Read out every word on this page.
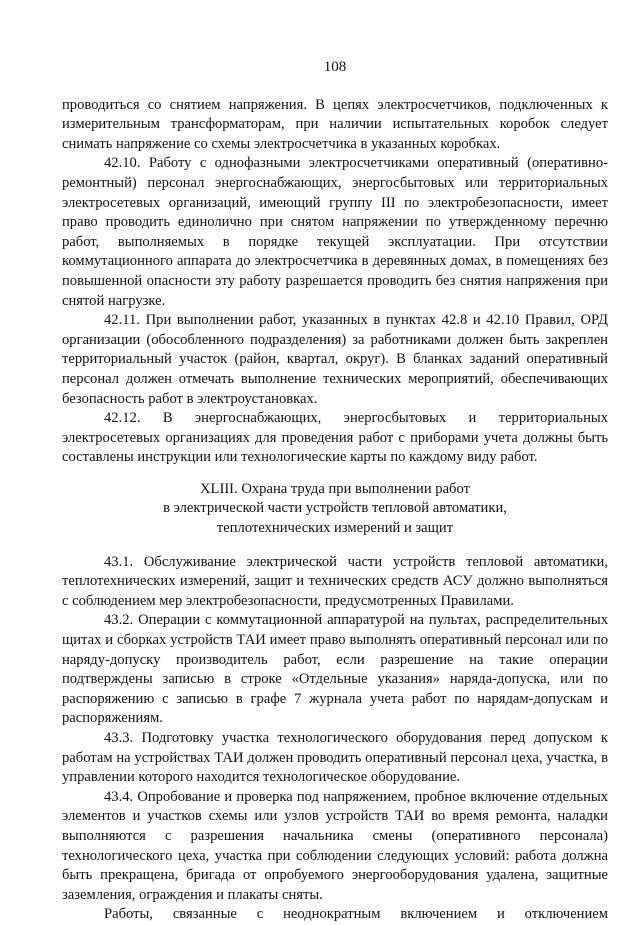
108

проводиться со снятием напряжения. В цепях электросчетчиков, подключенных к измерительным трансформаторам, при наличии испытательных коробок следует снимать напряжение со схемы электросчетчика в указанных коробках.

42.10. Работу с однофазными электросчетчиками оперативный (оперативно-ремонтный) персонал энергоснабжающих, энергосбытовых или территориальных электросетевых организаций, имеющий группу III по электробезопасности, имеет право проводить единолично при снятом напряжении по утвержденному перечню работ, выполняемых в порядке текущей эксплуатации. При отсутствии коммутационного аппарата до электросчетчика в деревянных домах, в помещениях без повышенной опасности эту работу разрешается проводить без снятия напряжения при снятой нагрузке.

42.11. При выполнении работ, указанных в пунктах 42.8 и 42.10 Правил, ОРД организации (обособленного подразделения) за работниками должен быть закреплен территориальный участок (район, квартал, округ). В бланках заданий оперативный персонал должен отмечать выполнение технических мероприятий, обеспечивающих безопасность работ в электроустановках.

42.12. В энергоснабжающих, энергосбытовых и территориальных электросетевых организациях для проведения работ с приборами учета должны быть составлены инструкции или технологические карты по каждому виду работ.

XLIII. Охрана труда при выполнении работ
в электрической части устройств тепловой автоматики,
теплотехнических измерений и защит

43.1. Обслуживание электрической части устройств тепловой автоматики, теплотехнических измерений, защит и технических средств АСУ должно выполняться с соблюдением мер электробезопасности, предусмотренных Правилами.

43.2. Операции с коммутационной аппаратурой на пультах, распределительных щитах и сборках устройств ТАИ имеет право выполнять оперативный персонал или по наряду-допуску производитель работ, если разрешение на такие операции подтверждены записью в строке «Отдельные указания» наряда-допуска, или по распоряжению с записью в графе 7 журнала учета работ по нарядам-допускам и распоряжениям.

43.3. Подготовку участка технологического оборудования перед допуском к работам на устройствах ТАИ должен проводить оперативный персонал цеха, участка, в управлении которого находится технологическое оборудование.

43.4. Опробование и проверка под напряжением, пробное включение отдельных элементов и участков схемы или узлов устройств ТАИ во время ремонта, наладки выполняются с разрешения начальника смены (оперативного персонала) технологического цеха, участка при соблюдении следующих условий: работа должна быть прекращена, бригада от опробуемого энергооборудования удалена, защитные заземления, ограждения и плакаты сняты.

Работы, связанные с неоднократным включением и отключением
